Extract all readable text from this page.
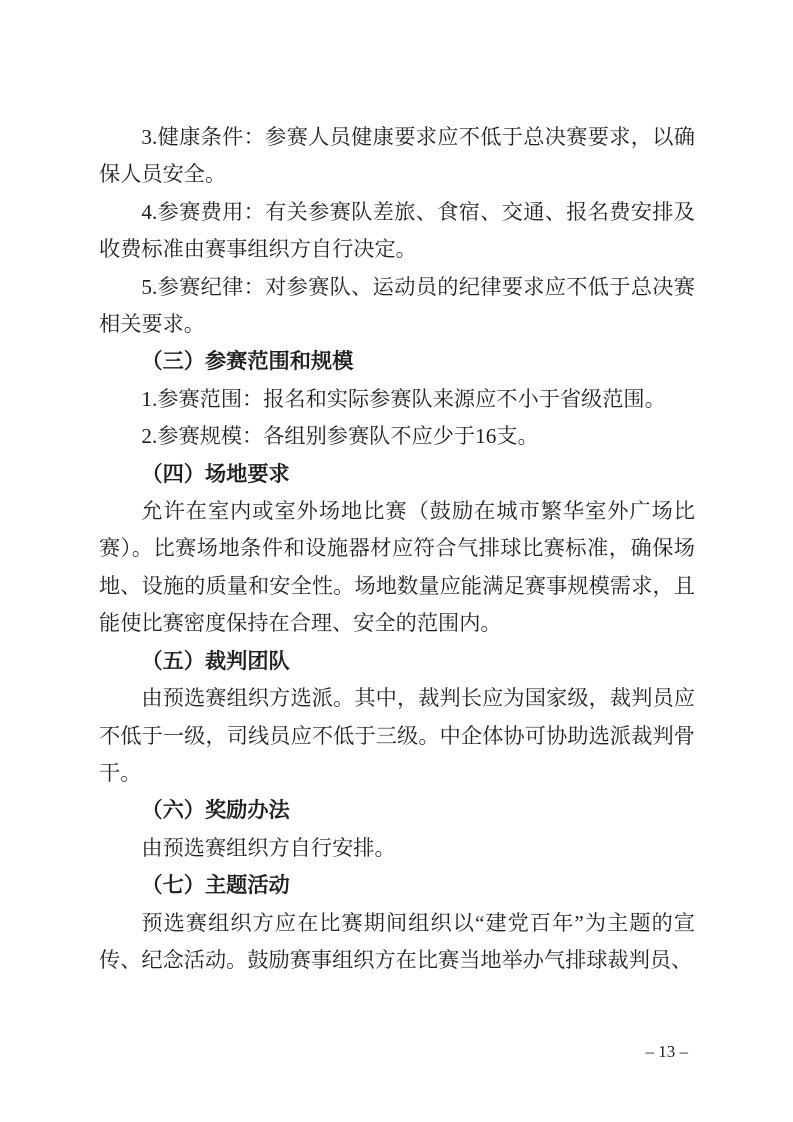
3.健康条件：参赛人员健康要求应不低于总决赛要求，以确保人员安全。

4.参赛费用：有关参赛队差旅、食宿、交通、报名费安排及收费标准由赛事组织方自行决定。

5.参赛纪律：对参赛队、运动员的纪律要求应不低于总决赛相关要求。

（三）参赛范围和规模

1.参赛范围：报名和实际参赛队来源应不小于省级范围。

2.参赛规模：各组别参赛队不应少于16支。

（四）场地要求

允许在室内或室外场地比赛（鼓励在城市繁华室外广场比赛）。比赛场地条件和设施器材应符合气排球比赛标准，确保场地、设施的质量和安全性。场地数量应能满足赛事规模需求，且能使比赛密度保持在合理、安全的范围内。

（五）裁判团队

由预选赛组织方选派。其中，裁判长应为国家级，裁判员应不低于一级，司线员应不低于三级。中企体协可协助选派裁判骨干。

（六）奖励办法

由预选赛组织方自行安排。

（七）主题活动

预选赛组织方应在比赛期间组织以“建党百年”为主题的宣传、纪念活动。鼓励赛事组织方在比赛当地举办气排球裁判员、

– 13 –
